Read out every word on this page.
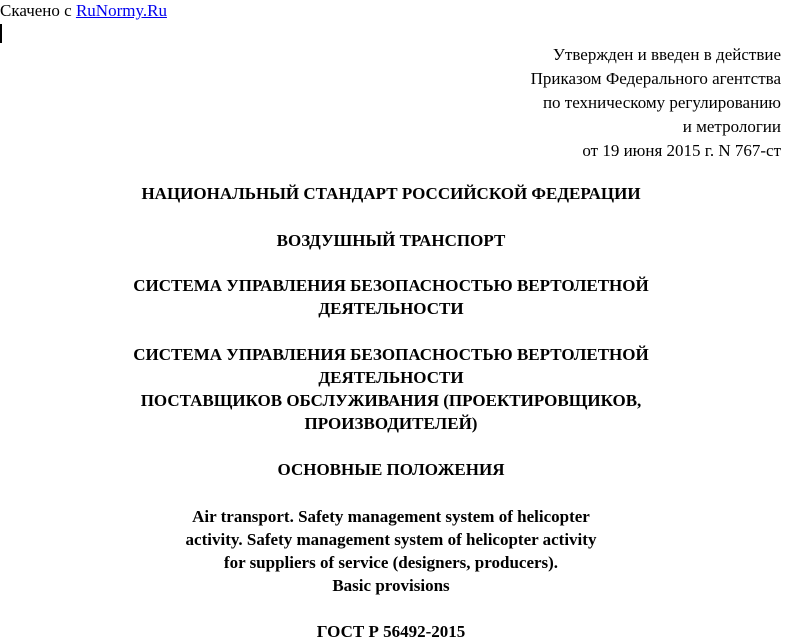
Скачено с RuNormy.Ru
Утвержден и введен в действие
Приказом Федерального агентства
по техническому регулированию
и метрологии
от 19 июня 2015 г. N 767-ст
НАЦИОНАЛЬНЫЙ СТАНДАРТ РОССИЙСКОЙ ФЕДЕРАЦИИ
ВОЗДУШНЫЙ ТРАНСПОРТ
СИСТЕМА УПРАВЛЕНИЯ БЕЗОПАСНОСТЬЮ ВЕРТОЛЕТНОЙ
ДЕЯТЕЛЬНОСТИ
СИСТЕМА УПРАВЛЕНИЯ БЕЗОПАСНОСТЬЮ ВЕРТОЛЕТНОЙ
ДЕЯТЕЛЬНОСТИ
ПОСТАВЩИКОВ ОБСЛУЖИВАНИЯ (ПРОЕКТИРОВЩИКОВ,
ПРОИЗВОДИТЕЛЕЙ)
ОСНОВНЫЕ ПОЛОЖЕНИЯ
Air transport. Safety management system of helicopter
activity. Safety management system of helicopter activity
for suppliers of service (designers, producers).
Basic provisions
ГОСТ Р 56492-2015
